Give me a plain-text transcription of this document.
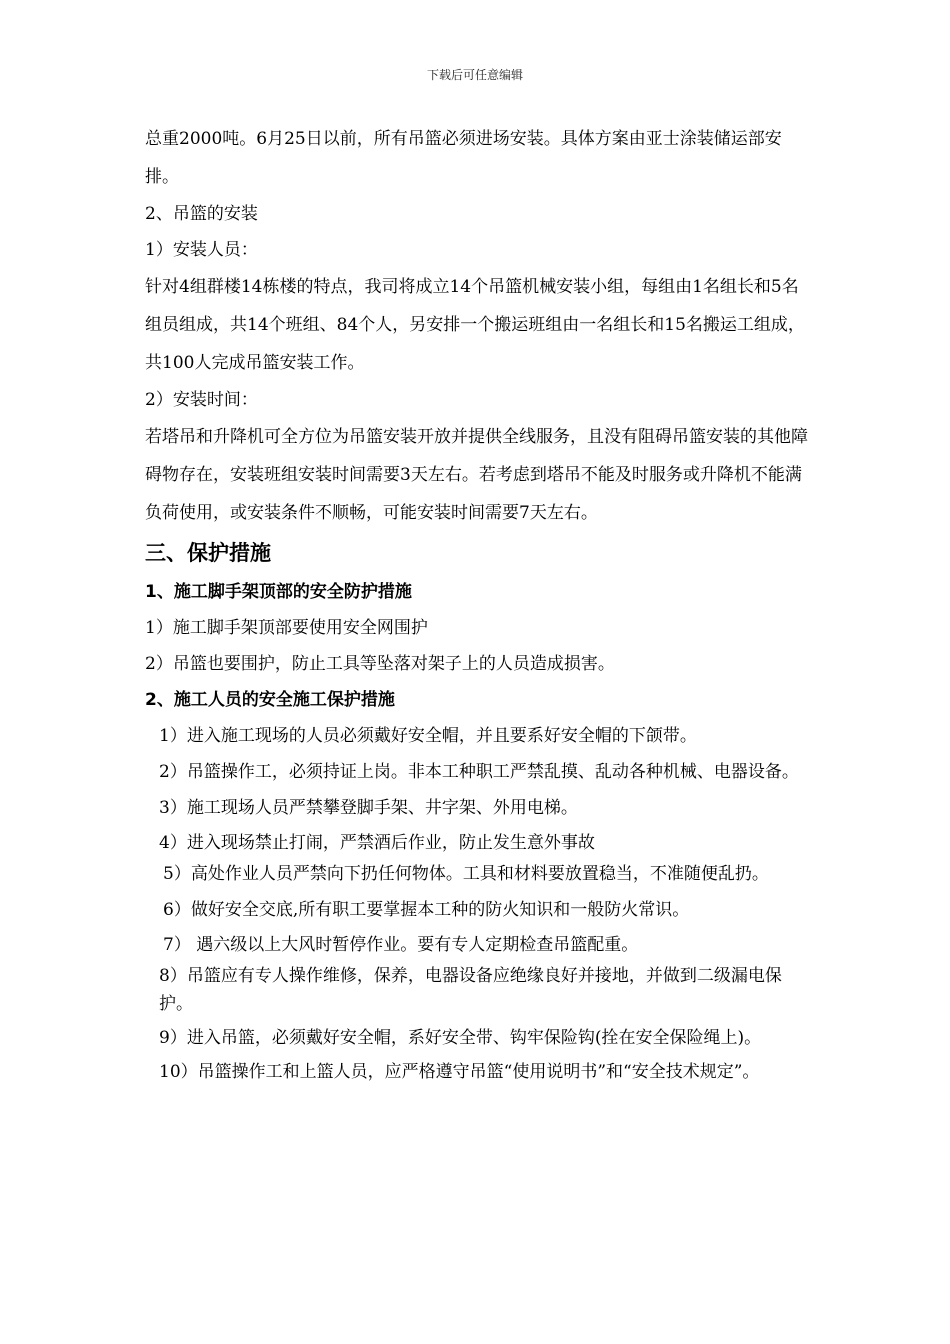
下载后可任意编辑

总重2000吨。6月25日以前，所有吊篮必须进场安装。具体方案由亚士涂装储运部安排。

2、吊篮的安装

1）安装人员：

针对4组群楼14栋楼的特点，我司将成立14个吊篮机械安装小组，每组由1名组长和5名组员组成，共14个班组、84个人，另安排一个搬运班组由一名组长和15名搬运工组成，共100人完成吊篮安装工作。

2）安装时间：

若塔吊和升降机可全方位为吊篮安装开放并提供全线服务，且没有阻碍吊篮安装的其他障碍物存在，安装班组安装时间需要3天左右。若考虑到塔吊不能及时服务或升降机不能满负荷使用，或安装条件不顺畅，可能安装时间需要7天左右。

三、保护措施

1、施工脚手架顶部的安全防护措施

1）施工脚手架顶部要使用安全网围护

2）吊篮也要围护，防止工具等坠落对架子上的人员造成损害。

2、施工人员的安全施工保护措施

1）进入施工现场的人员必须戴好安全帽，并且要系好安全帽的下颌带。

2）吊篮操作工，必须持证上岗。非本工种职工严禁乱摸、乱动各种机械、电器设备。

3）施工现场人员严禁攀登脚手架、井字架、外用电梯。

4）进入现场禁止打闹，严禁酒后作业，防止发生意外事故

5）高处作业人员严禁向下扔任何物体。工具和材料要放置稳当，不准随便乱扔。

6）做好安全交底,所有职工要掌握本工种的防火知识和一般防火常识。

7） 遇六级以上大风时暂停作业。要有专人定期检查吊篮配重。

8）吊篮应有专人操作维修，保养，电器设备应绝缘良好并接地，并做到二级漏电保护。

9）进入吊篮，必须戴好安全帽，系好安全带、钩牢保险钩(拴在安全保险绳上)。

10）吊篮操作工和上篮人员，应严格遵守吊篮“使用说明书”和“安全技术规定”。
